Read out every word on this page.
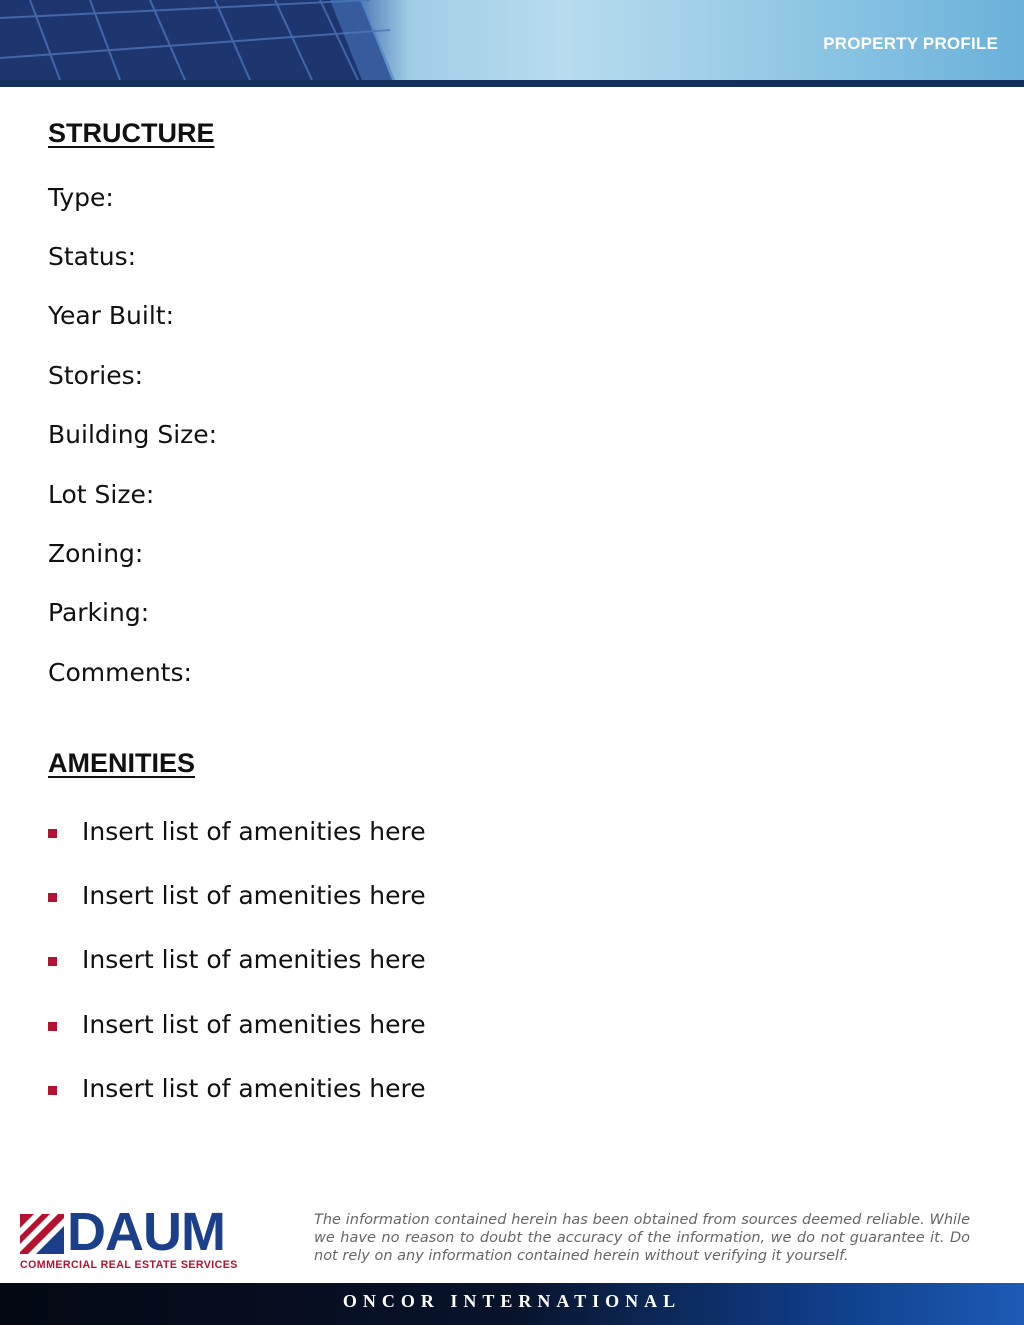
PROPERTY PROFILE
STRUCTURE
Type:
Status:
Year Built:
Stories:
Building Size:
Lot Size:
Zoning:
Parking:
Comments:
AMENITIES
Insert list of amenities here
Insert list of amenities here
Insert list of amenities here
Insert list of amenities here
Insert list of amenities here
DAUM
COMMERCIAL REAL ESTATE SERVICES
The information contained herein has been obtained from sources deemed reliable. While we have no reason to doubt the accuracy of the information, we do not guarantee it. Do not rely on any information contained herein without verifying it yourself.
ONCOR INTERNATIONAL
